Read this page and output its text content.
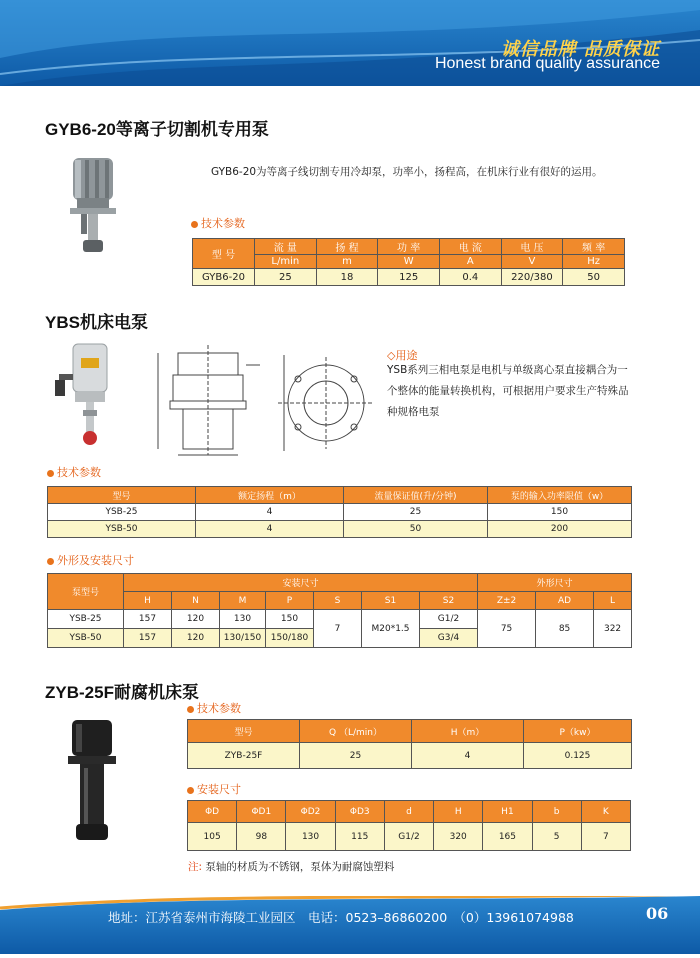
诚信品牌 品质保证
Honest brand quality assurance
GYB6-20等离子切割机专用泵
GYB6-20为等离子线切割专用冷却泵，功率小，扬程高，在机床行业有很好的运用。
技术参数
型 号	流 量	扬 程	功 率	电 流	电 压	频 率
	L/min	m	W	A	V	Hz
GYB6-20	25	18	125	0.4	220/380	50
YBS机床电泵
◇用途
YSB系列三相电泵是电机与单级离心泵直接耦合为一个整体的能量转换机构，可根据用户要求生产特殊品种规格电泵
技术参数
型号	额定扬程（m）	流量保证值(升/分钟)	泵的输入功率限值（w）
YSB-25	4	25	150
YSB-50	4	50	200
外形及安装尺寸
泵型号	安装尺寸							外形尺寸		
	H	N	M	P	S	S1	S2	Z±2	AD	L
YSB-25	157	120	130	150	7	M20*1.5	G1/2	75	85	322
YSB-50	157	120	130/150	150/180			G3/4			
ZYB-25F耐腐机床泵
技术参数
型号	Q （L/min）	H（m）	P（kw）
ZYB-25F	25	4	0.125
安装尺寸
ΦD	ΦD1	ΦD2	ΦD3	d	H	H1	b	K
105	98	130	115	G1/2	320	165	5	7
注: 泵轴的材质为不锈钢，泵体为耐腐蚀塑料
地址：江苏省泰州市海陵工业园区　电话：0523–86860200　（0）13961074988	06
